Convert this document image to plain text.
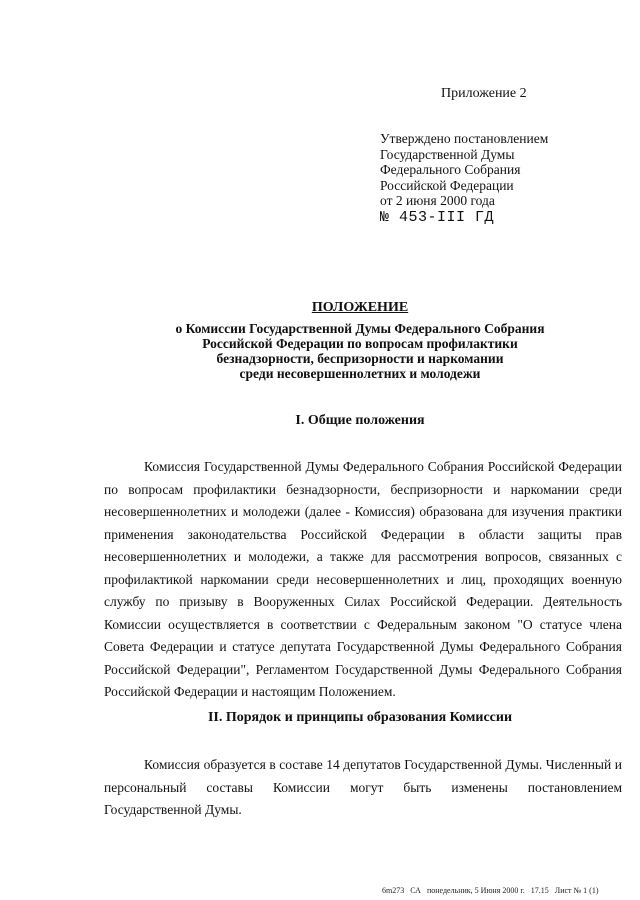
Приложение 2
Утверждено постановлением
Государственной Думы
Федерального Собрания
Российской Федерации
от 2 июня 2000 года
№ 453-III ГД
ПОЛОЖЕНИЕ
о Комиссии Государственной Думы Федерального Собрания
Российской Федерации по вопросам профилактики
безнадзорности, беспризорности и наркомании
среди несовершеннолетних и молодежи
I. Общие положения
Комиссия Государственной Думы Федерального Собрания Российской Федерации по вопросам профилактики безнадзорности, беспризорности и наркомании среди несовершеннолетних и молодежи (далее - Комиссия) образована для изучения практики применения законодательства Российской Федерации в области защиты прав несовершеннолетних и молодежи, а также для рассмотрения вопросов, связанных с профилактикой наркомании среди несовершеннолетних и лиц, проходящих военную службу по призыву в Вооруженных Силах Российской Федерации. Деятельность Комиссии осуществляется в соответствии с Федеральным законом "О статусе члена Совета Федерации и статусе депутата Государственной Думы Федерального Собрания Российской Федерации", Регламентом Государственной Думы Федерального Собрания Российской Федерации и настоящим Положением.
II. Порядок и принципы образования Комиссии
Комиссия образуется в составе 14 депутатов Государственной Думы. Численный и персональный составы Комиссии могут быть изменены постановлением Государственной Думы.
6m273 СА понедельник, 5 Июня 2000 г. 17.15 Лист № 1 (1)
